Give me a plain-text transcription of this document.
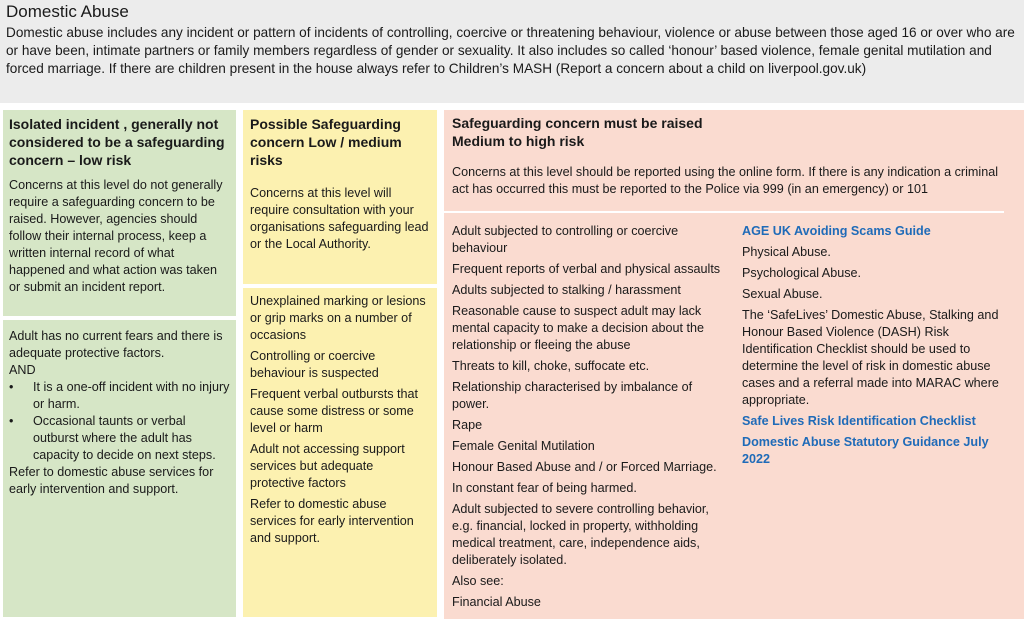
Domestic Abuse
Domestic abuse includes any incident or pattern of incidents of controlling, coercive or threatening behaviour, violence or abuse between those aged 16 or over who are or have been, intimate partners or family members regardless of gender or sexuality. It also includes so called ‘honour’ based violence, female genital mutilation and forced marriage. If there are children present in the house always refer to Children’s MASH (Report a concern about a child on liverpool.gov.uk)
Isolated incident , generally not considered to be a safeguarding concern – low risk
Concerns at this level do not generally require a safeguarding concern to be raised. However, agencies should follow their internal process, keep a written internal record of what happened and what action was taken or submit an incident report.
Adult has no current fears and there is adequate protective factors.
AND
•	It is a one-off incident with no injury or harm.
•	Occasional taunts or verbal outburst where the adult has capacity to decide on next steps.
Refer to domestic abuse services for early intervention and support.
Possible Safeguarding concern Low / medium risks
Concerns at this level will require consultation with your organisations safeguarding lead or the Local Authority.
Unexplained marking or lesions or grip marks on a number of occasions
Controlling or coercive behaviour is suspected
Frequent verbal outbursts that cause some distress or some level or harm
Adult not accessing support services but adequate protective factors
Refer to domestic abuse services for early intervention and support.
Safeguarding concern must be raised
Medium to high risk
Concerns at this level should be reported using the online form. If there is any indication a criminal act has occurred this must be reported to the Police via 999 (in an emergency) or 101
Adult subjected to controlling or coercive behaviour
Frequent reports of verbal and physical assaults
Adults subjected to stalking / harassment
Reasonable cause to suspect adult may lack mental capacity to make a decision about the relationship or fleeing the abuse
Threats to kill, choke, suffocate etc.
Relationship characterised by imbalance of power.
Rape
Female Genital Mutilation
Honour Based Abuse and / or Forced Marriage.
In constant fear of being harmed.
Adult subjected to severe controlling behavior, e.g. financial, locked in property, withholding medical treatment, care, independence aids, deliberately isolated.
Also see:
Financial Abuse
AGE UK Avoiding Scams Guide
Physical Abuse.
Psychological Abuse.
Sexual Abuse.
The ‘SafeLives’ Domestic Abuse, Stalking and Honour Based Violence (DASH) Risk Identification Checklist should be used to determine the level of risk in domestic abuse cases and a referral made into MARAC where appropriate.
Safe Lives Risk Identification Checklist
Domestic Abuse Statutory Guidance July 2022
